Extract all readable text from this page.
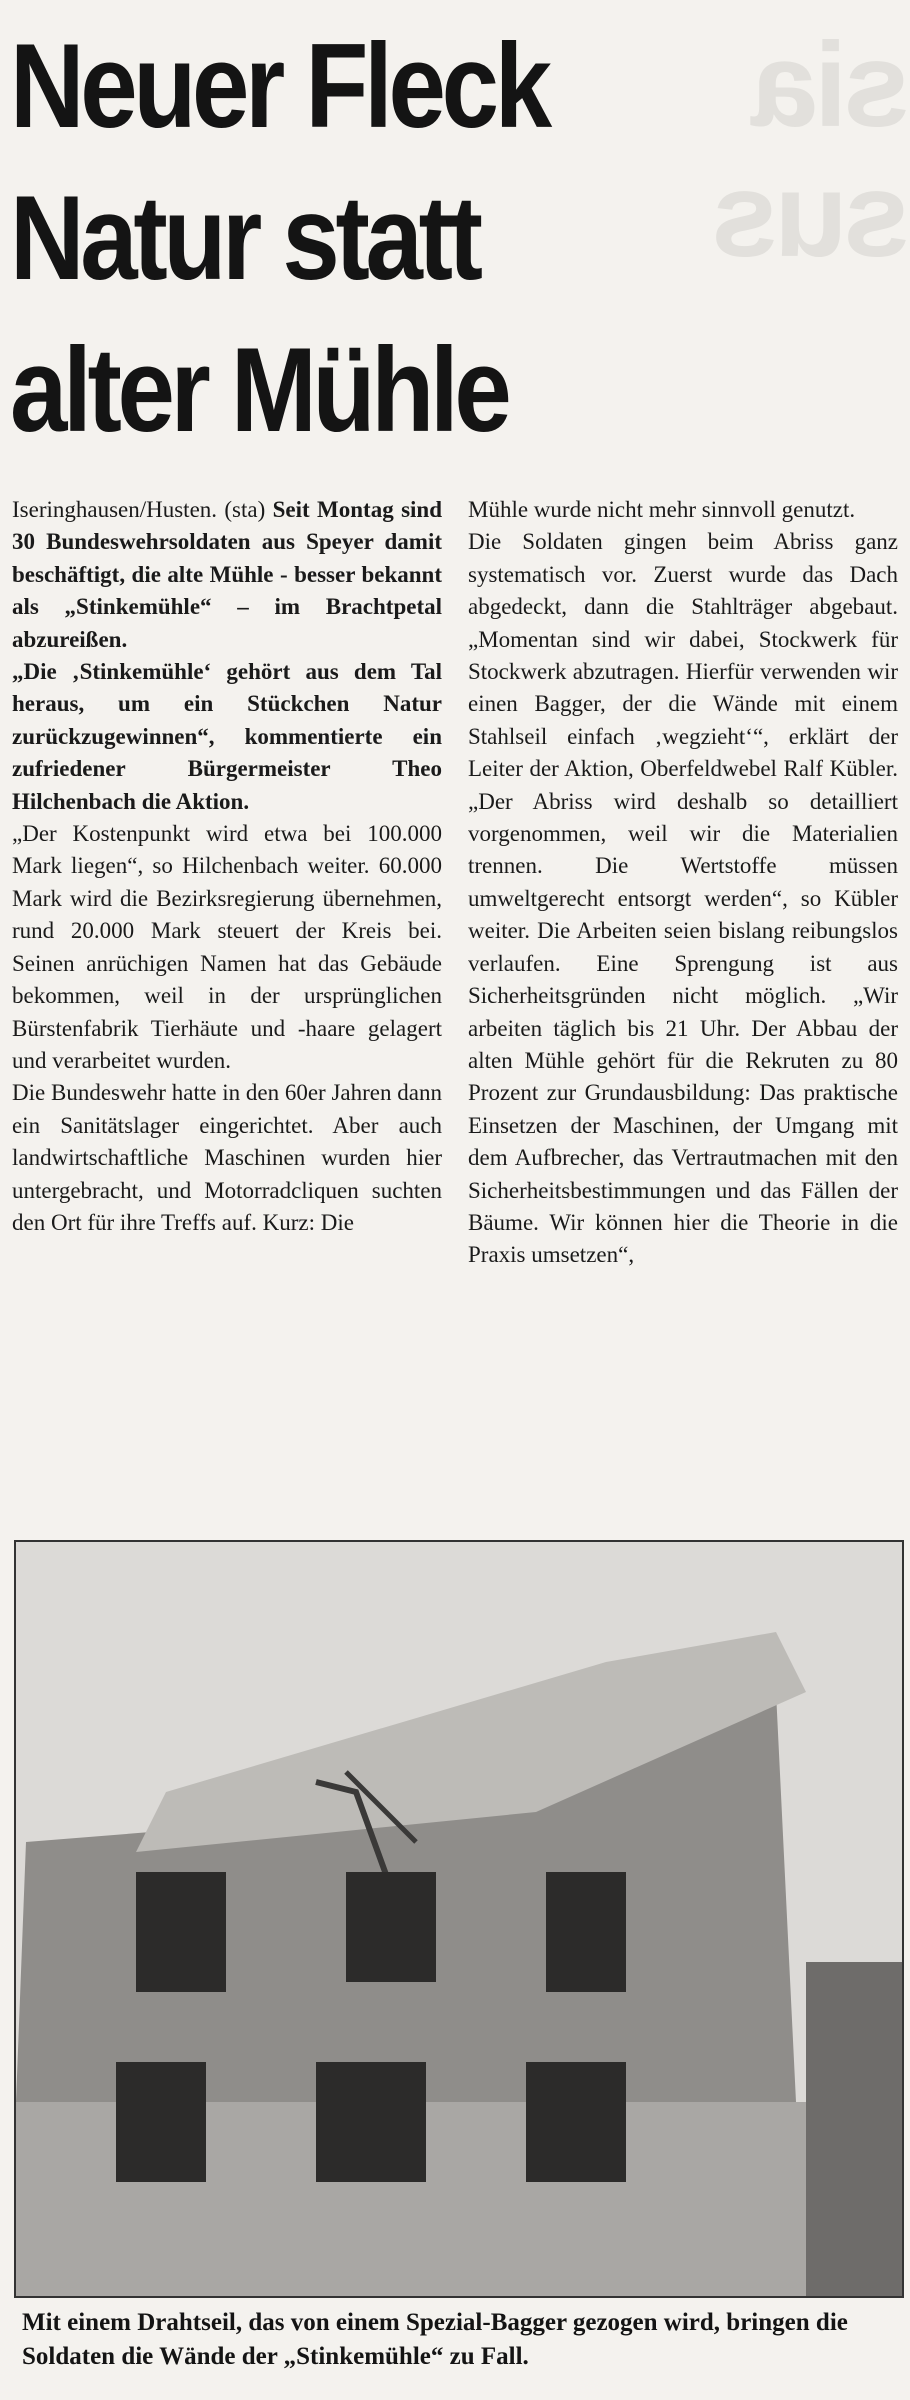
sia
sus
Neuer Fleck
Natur statt
alter Mühle

Iseringhausen/Husten. (sta) Seit Montag sind 30 Bundeswehrsoldaten aus Speyer damit beschäftigt, die alte Mühle - besser bekannt als „Stinkemühle“ – im Brachtpetal abzureißen.

„Die ‚Stinkemühle‘ gehört aus dem Tal heraus, um ein Stückchen Natur zurückzugewinnen“, kommentierte ein zufriedener Bürgermeister Theo Hilchenbach die Aktion.

„Der Kostenpunkt wird etwa bei 100.000 Mark liegen“, so Hilchenbach weiter. 60.000 Mark wird die Bezirksregierung übernehmen, rund 20.000 Mark steuert der Kreis bei. Seinen anrüchigen Namen hat das Gebäude bekommen, weil in der ursprünglichen Bürstenfabrik Tierhäute und -haare gelagert und verarbeitet wurden.

Die Bundeswehr hatte in den 60er Jahren dann ein Sanitätslager eingerichtet. Aber auch landwirtschaftliche Maschinen wurden hier untergebracht, und Motorradcliquen suchten den Ort für ihre Treffs auf. Kurz: Die

Mühle wurde nicht mehr sinnvoll genutzt.

Die Soldaten gingen beim Abriss ganz systematisch vor. Zuerst wurde das Dach abgedeckt, dann die Stahlträger abgebaut. „Momentan sind wir dabei, Stockwerk für Stockwerk abzutragen. Hierfür verwenden wir einen Bagger, der die Wände mit einem Stahlseil einfach ‚wegzieht‘“, erklärt der Leiter der Aktion, Oberfeldwebel Ralf Kübler. „Der Abriss wird deshalb so detailliert vorgenommen, weil wir die Materialien trennen. Die Wertstoffe müssen umweltgerecht entsorgt werden“, so Kübler weiter. Die Arbeiten seien bislang reibungslos verlaufen. Eine Sprengung ist aus Sicherheitsgründen nicht möglich. „Wir arbeiten täglich bis 21 Uhr. Der Abbau der alten Mühle gehört für die Rekruten zu 80 Prozent zur Grundausbildung: Das praktische Einsetzen der Maschinen, der Umgang mit dem Aufbrecher, das Vertrautmachen mit den Sicherheitsbestimmungen und das Fällen der Bäume. Wir können hier die Theorie in die Praxis umsetzen“,

Mit einem Drahtseil, das von einem Spezial-Bagger gezogen wird, bringen die Soldaten die Wände der „Stinkemühle“ zu Fall.
